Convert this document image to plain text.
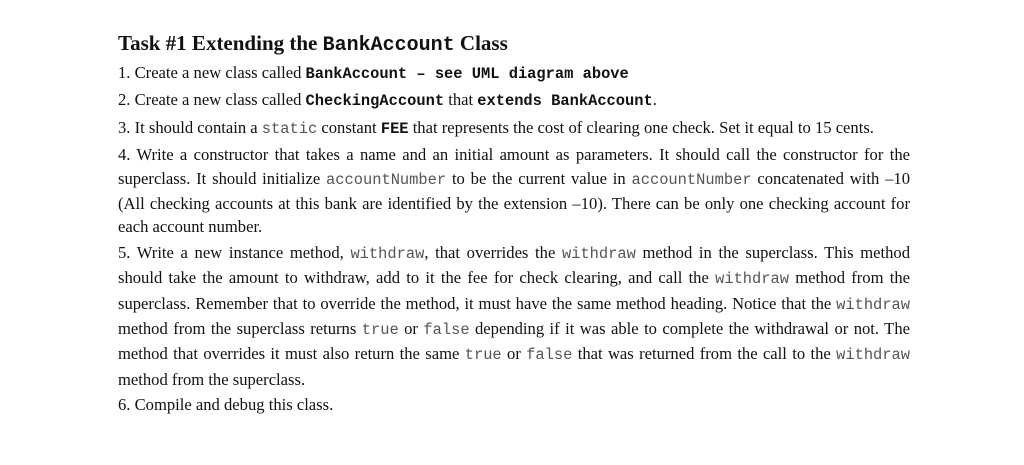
Task #1 Extending the BankAccount Class
1. Create a new class called BankAccount – see UML diagram above
2. Create a new class called CheckingAccount that extends BankAccount.
3. It should contain a static constant FEE that represents the cost of clearing one check. Set it equal to 15 cents.
4. Write a constructor that takes a name and an initial amount as parameters. It should call the constructor for the superclass. It should initialize accountNumber to be the current value in accountNumber concatenated with –10 (All checking accounts at this bank are identified by the extension –10). There can be only one checking account for each account number.
5. Write a new instance method, withdraw, that overrides the withdraw method in the superclass. This method should take the amount to withdraw, add to it the fee for check clearing, and call the withdraw method from the superclass. Remember that to override the method, it must have the same method heading. Notice that the withdraw method from the superclass returns true or false depending if it was able to complete the withdrawal or not. The method that overrides it must also return the same true or false that was returned from the call to the withdraw method from the superclass.
6. Compile and debug this class.
